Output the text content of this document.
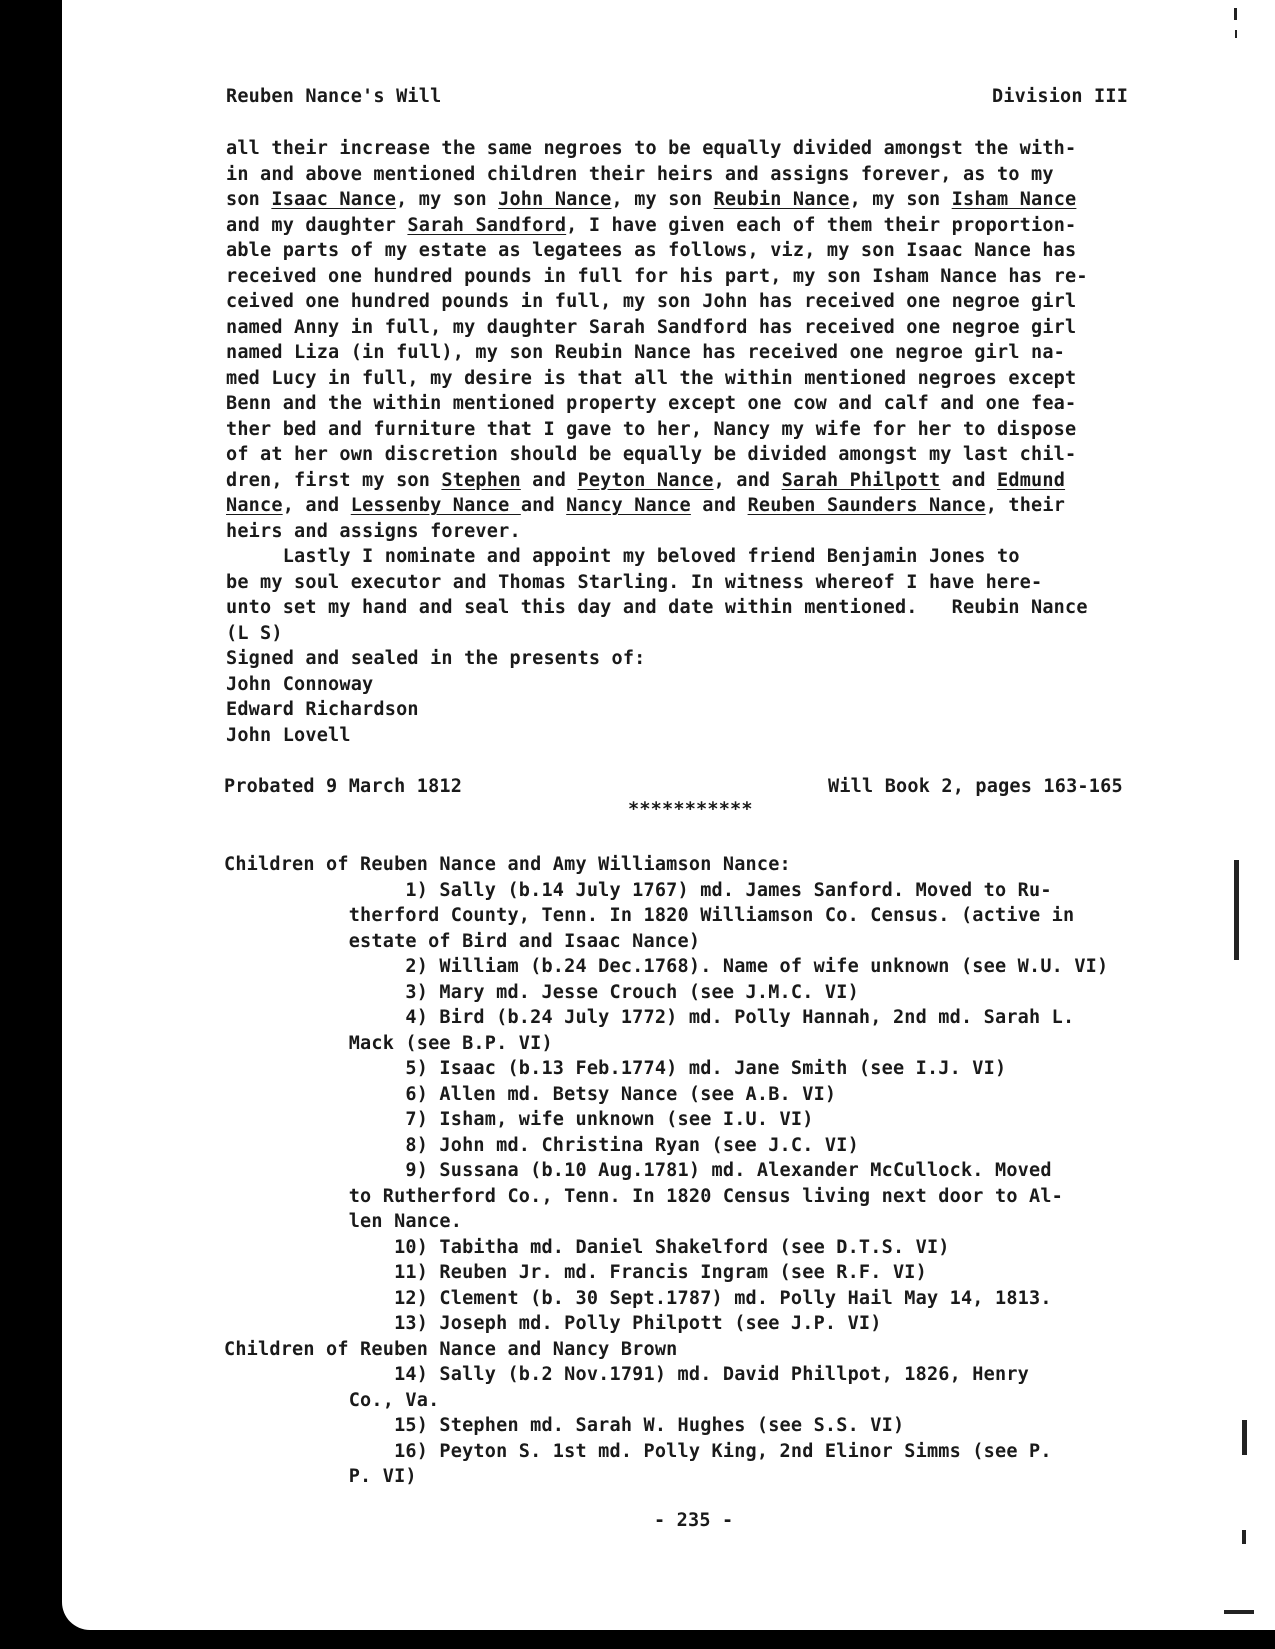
Reuben Nance's Will	Division III
all their increase the same negroes to be equally divided amongst the with-
in and above mentioned children their heirs and assigns forever, as to my
son Isaac Nance, my son John Nance, my son Reubin Nance, my son Isham Nance
and my daughter Sarah Sandford, I have given each of them their proportion-
able parts of my estate as legatees as follows, viz, my son Isaac Nance has
received one hundred pounds in full for his part, my son Isham Nance has re-
ceived one hundred pounds in full, my son John has received one negroe girl
named Anny in full, my daughter Sarah Sandford has received one negroe girl
named Liza (in full), my son Reubin Nance has received one negroe girl na-
med Lucy in full, my desire is that all the within mentioned negroes except
Benn and the within mentioned property except one cow and calf and one fea-
ther bed and furniture that I gave to her, Nancy my wife for her to dispose
of at her own discretion should be equally be divided amongst my last chil-
dren, first my son Stephen and Peyton Nance, and Sarah Philpott and Edmund
Nance, and Lessenby Nance and Nancy Nance and Reuben Saunders Nance, their
heirs and assigns forever.
Lastly I nominate and appoint my beloved friend Benjamin Jones to
be my soul executor and Thomas Starling. In witness whereof I have here-
unto set my hand and seal this day and date within mentioned.   Reubin Nance
(L S)
Signed and sealed in the presents of:
John Connoway
Edward Richardson
John Lovell
Probated 9 March 1812	Will Book 2, pages 163-165
***********
Children of Reuben Nance and Amy Williamson Nance:
1) Sally (b.14 July 1767) md. James Sanford. Moved to Ru-
therford County, Tenn. In 1820 Williamson Co. Census. (active in
estate of Bird and Isaac Nance)
2) William (b.24 Dec.1768). Name of wife unknown (see W.U. VI)
3) Mary md. Jesse Crouch (see J.M.C. VI)
4) Bird (b.24 July 1772) md. Polly Hannah, 2nd md. Sarah L.
Mack (see B.P. VI)
5) Isaac (b.13 Feb.1774) md. Jane Smith (see I.J. VI)
6) Allen md. Betsy Nance (see A.B. VI)
7) Isham, wife unknown (see I.U. VI)
8) John md. Christina Ryan (see J.C. VI)
9) Sussana (b.10 Aug.1781) md. Alexander McCullock. Moved
to Rutherford Co., Tenn. In 1820 Census living next door to Al-
len Nance.
10) Tabitha md. Daniel Shakelford (see D.T.S. VI)
11) Reuben Jr. md. Francis Ingram (see R.F. VI)
12) Clement (b. 30 Sept.1787) md. Polly Hail May 14, 1813.
13) Joseph md. Polly Philpott (see J.P. VI)
Children of Reuben Nance and Nancy Brown
14) Sally (b.2 Nov.1791) md. David Phillpot, 1826, Henry
Co., Va.
15) Stephen md. Sarah W. Hughes (see S.S. VI)
16) Peyton S. 1st md. Polly King, 2nd Elinor Simms (see P.
P. VI)
- 235 -
